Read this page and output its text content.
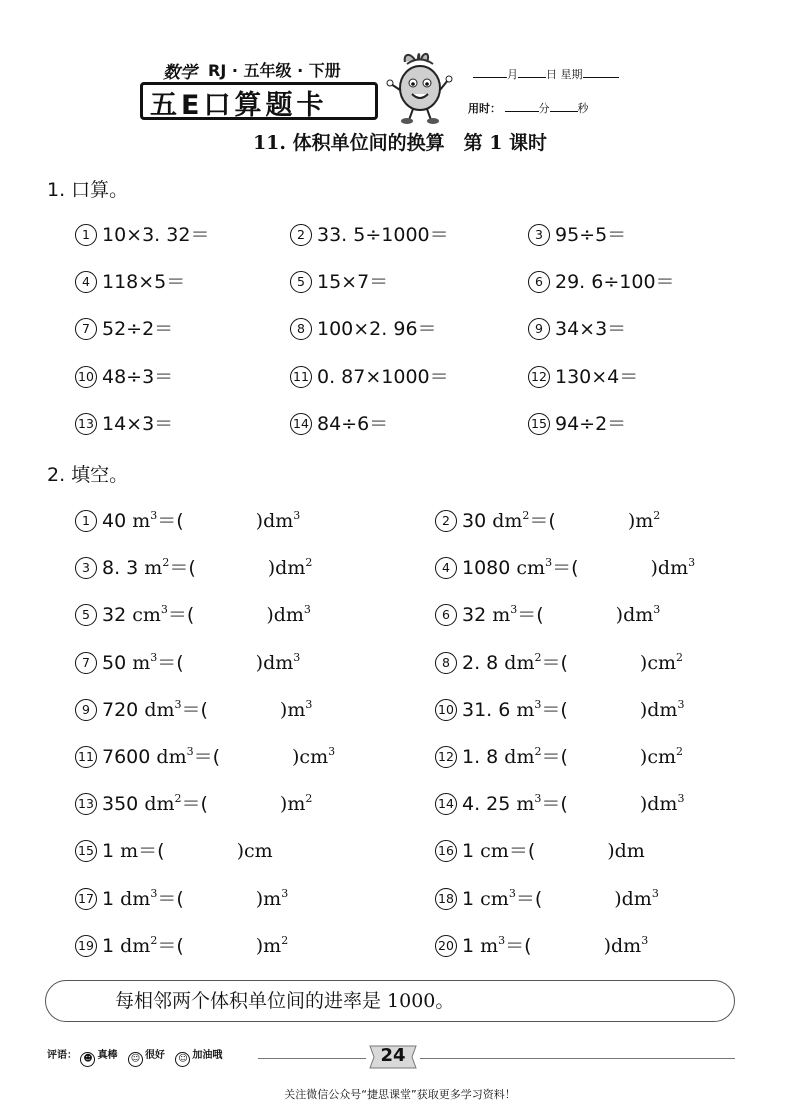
数学 RJ · 五年级 · 下册
五E口算题卡
月	日 星期
用时：	分	秒
11. 体积单位间的换算　第 1 课时
1. 口算。
1 10×3. 32＝	2 33. 5÷1000＝	3 95÷5＝
4 118×5＝	5 15×7＝	6 29. 6÷100＝
7 52÷2＝	8 100×2. 96＝	9 34×3＝
10 48÷3＝	11 0. 87×1000＝	12 130×4＝
13 14×3＝	14 84÷6＝	15 94÷2＝
2. 填空。
1 40 $m^3=$(	)$dm^3$	2 30 $dm^2=$(	)$m^2$
3 8. 3 $m^2=$(	)$dm^2$	4 1080 $cm^3=$(	)$dm^3$
5 32 $cm^3=$(	)$dm^3$	6 32 $m^3=$(	)$dm^3$
7 50 $m^3=$(	)$dm^3$	8 2. 8 $dm^2=$(	)$cm^2$
9 720 $dm^3=$(	)$m^3$	10 31. 6 $m^3=$(	)$dm^3$
11 7600 $dm^3=$(	)$cm^3$	12 1. 8 $dm^2=$(	)$cm^2$
13 350 $dm^2=$(	)$m^2$	14 4. 25 $m^3=$(	)$dm^3$
15 1 m＝(	)cm	16 1 cm＝(	)dm
17 1 $dm^3=$(	)$m^3$	18 1 $cm^3=$(	)$dm^3$
19 1 $dm^2=$(	)$m^2$	20 1 $m^3=$(	)$dm^3$
每相邻两个体积单位间的进率是 1000。
评语： ☻ 真棒 ☺ 很好 ☺ 加油哦	24
关注微信公众号“捷思课堂”获取更多学习资料！
